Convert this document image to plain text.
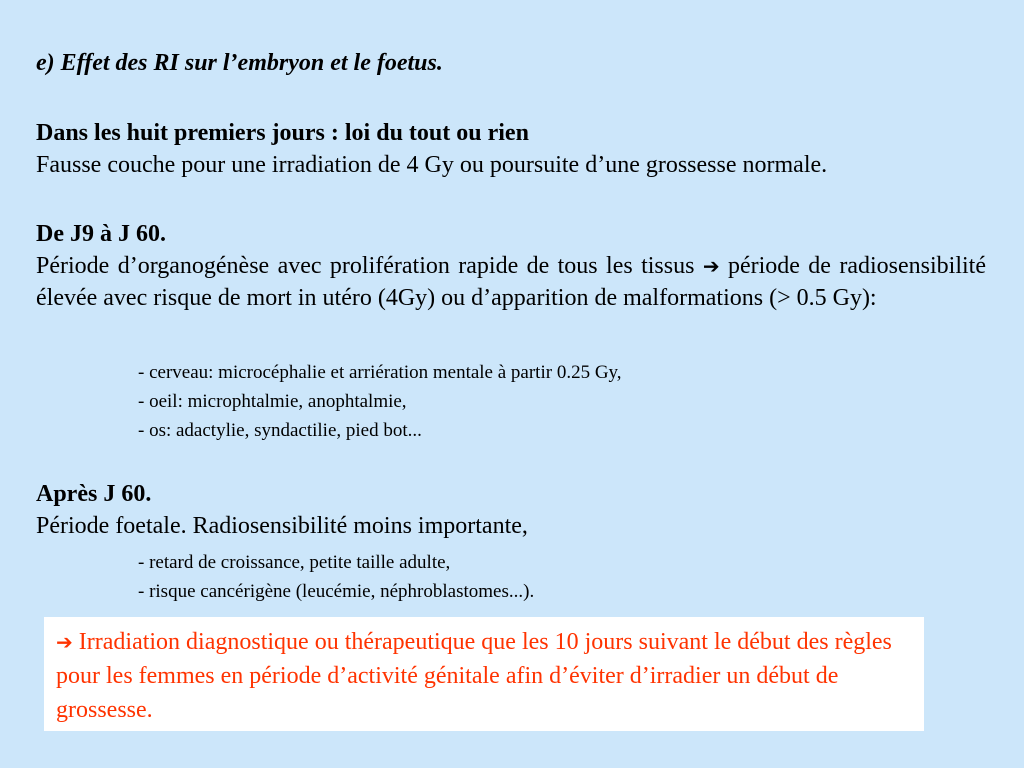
e) Effet des RI sur l’embryon et le foetus.
Dans les huit premiers jours : loi du tout ou rien
Fausse couche pour une irradiation de 4 Gy ou poursuite d’une grossesse normale.
De J9 à J 60.
Période d’organogénèse avec prolifération rapide de tous les tissus ➔ période de radiosensibilité élevée avec risque de mort in utéro (4Gy) ou d’apparition de malformations (> 0.5 Gy):
- cerveau: microcéphalie et arriération mentale à partir 0.25 Gy,
- oeil: microphtalmie, anophtalmie,
- os: adactylie, syndactilie, pied bot...
Après J 60.
Période foetale. Radiosensibilité moins importante,
- retard de croissance, petite taille adulte,
- risque cancérigène (leucémie, néphroblastomes...).
➔ Irradiation diagnostique ou thérapeutique que les 10 jours suivant le début des règles pour les femmes en période d’activité génitale afin d’éviter d’irradier un début de grossesse.
